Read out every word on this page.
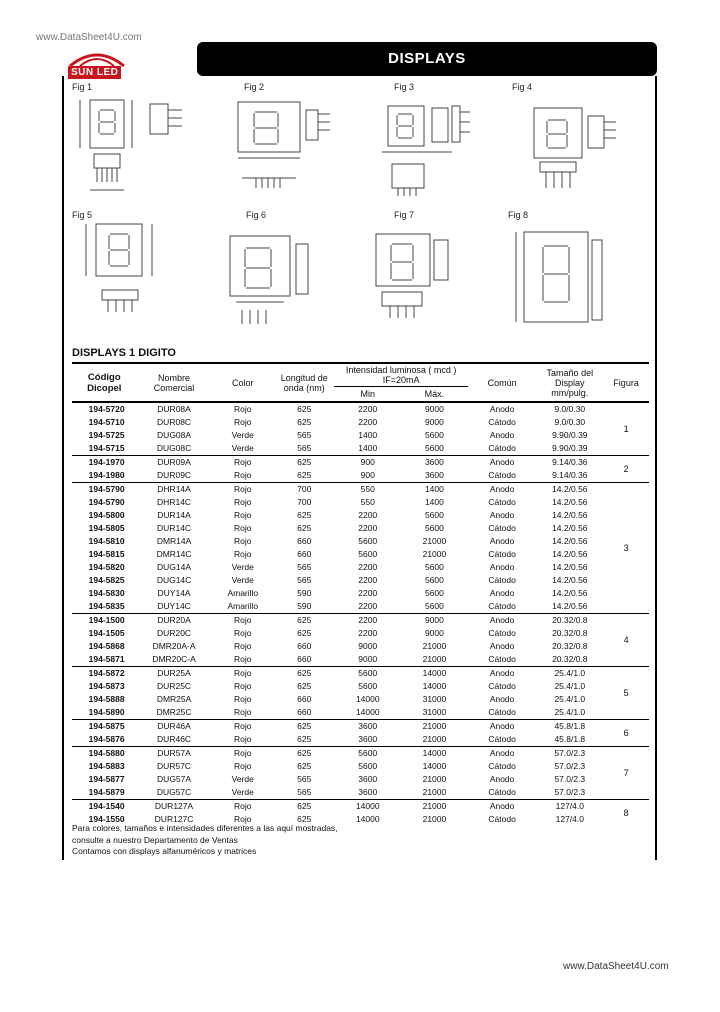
www.DataSheet4U.com
SUN LED
DISPLAYS
Fig 1	Fig 2	Fig 3	Fig 4
Fig 5	Fig 6	Fig 7	Fig 8
DISPLAYS 1 DIGITO
Código Dicopel	Nombre Comercial	Color	Longitud de onda (nm)	Intensidad luminosa ( mcd ) IF=20mA		Común	Tamaño del Display mm/pulg.	Figura
				Min	Máx.			
194-5720	DUR08A	Rojo	625	2200	9000	Anodo	9.0/0.30	1
194-5710	DUR08C	Rojo	625	2200	9000	Cátodo	9.0/0.30	
194-5725	DUG08A	Verde	565	1400	5600	Anodo	9.90/0.39	
194-5715	DUG08C	Verde	565	1400	5600	Cátodo	9.90/0.39	
194-1970	DUR09A	Rojo	625	900	3600	Anodo	9.14/0.36	2
194-1980	DUR09C	Rojo	625	900	3600	Cátodo	9.14/0.36	
194-5790	DHR14A	Rojo	700	550	1400	Anodo	14.2/0.56	3
194-5790	DHR14C	Rojo	700	550	1400	Cátodo	14.2/0.56	
194-5800	DUR14A	Rojo	625	2200	5600	Anodo	14.2/0.56	
194-5805	DUR14C	Rojo	625	2200	5600	Cátodo	14.2/0.56	
194-5810	DMR14A	Rojo	660	5600	21000	Anodo	14.2/0.56	
194-5815	DMR14C	Rojo	660	5600	21000	Cátodo	14.2/0.56	
194-5820	DUG14A	Verde	565	2200	5600	Anodo	14.2/0.56	
194-5825	DUG14C	Verde	565	2200	5600	Cátodo	14.2/0.56	
194-5830	DUY14A	Amarillo	590	2200	5600	Anodo	14.2/0.56	
194-5835	DUY14C	Amarillo	590	2200	5600	Cátodo	14.2/0.56	
194-1500	DUR20A	Rojo	625	2200	9000	Anodo	20.32/0.8	4
194-1505	DUR20C	Rojo	625	2200	9000	Cátodo	20.32/0.8	
194-5868	DMR20A-A	Rojo	660	9000	21000	Anodo	20.32/0.8	
194-5871	DMR20C-A	Rojo	660	9000	21000	Cátodo	20.32/0.8	
194-5872	DUR25A	Rojo	625	5600	14000	Anodo	25.4/1.0	5
194-5873	DUR25C	Rojo	625	5600	14000	Cátodo	25.4/1.0	
194-5888	DMR25A	Rojo	660	14000	31000	Anodo	25.4/1.0	
194-5890	DMR25C	Rojo	660	14000	31000	Cátodo	25.4/1.0	
194-5875	DUR46A	Rojo	625	3600	21000	Anodo	45.8/1.8	6
194-5876	DUR46C	Rojo	625	3600	21000	Cátodo	45.8/1.8	
194-5880	DUR57A	Rojo	625	5600	14000	Anodo	57.0/2.3	7
194-5883	DUR57C	Rojo	625	5600	14000	Cátodo	57.0/2.3	
194-5877	DUG57A	Verde	565	3600	21000	Anodo	57.0/2.3	
194-5879	DUG57C	Verde	565	3600	21000	Cátodo	57.0/2.3	
194-1540	DUR127A	Rojo	625	14000	21000	Anodo	127/4.0	8
194-1550	DUR127C	Rojo	625	14000	21000	Cátodo	127/4.0	
Para colores, tamaños e intensidades diferentes a las aquí mostradas,
consulte a nuestro Departamento de Ventas
Contamos con displays alfanuméricos y matrices
www.DataSheet4U.com
